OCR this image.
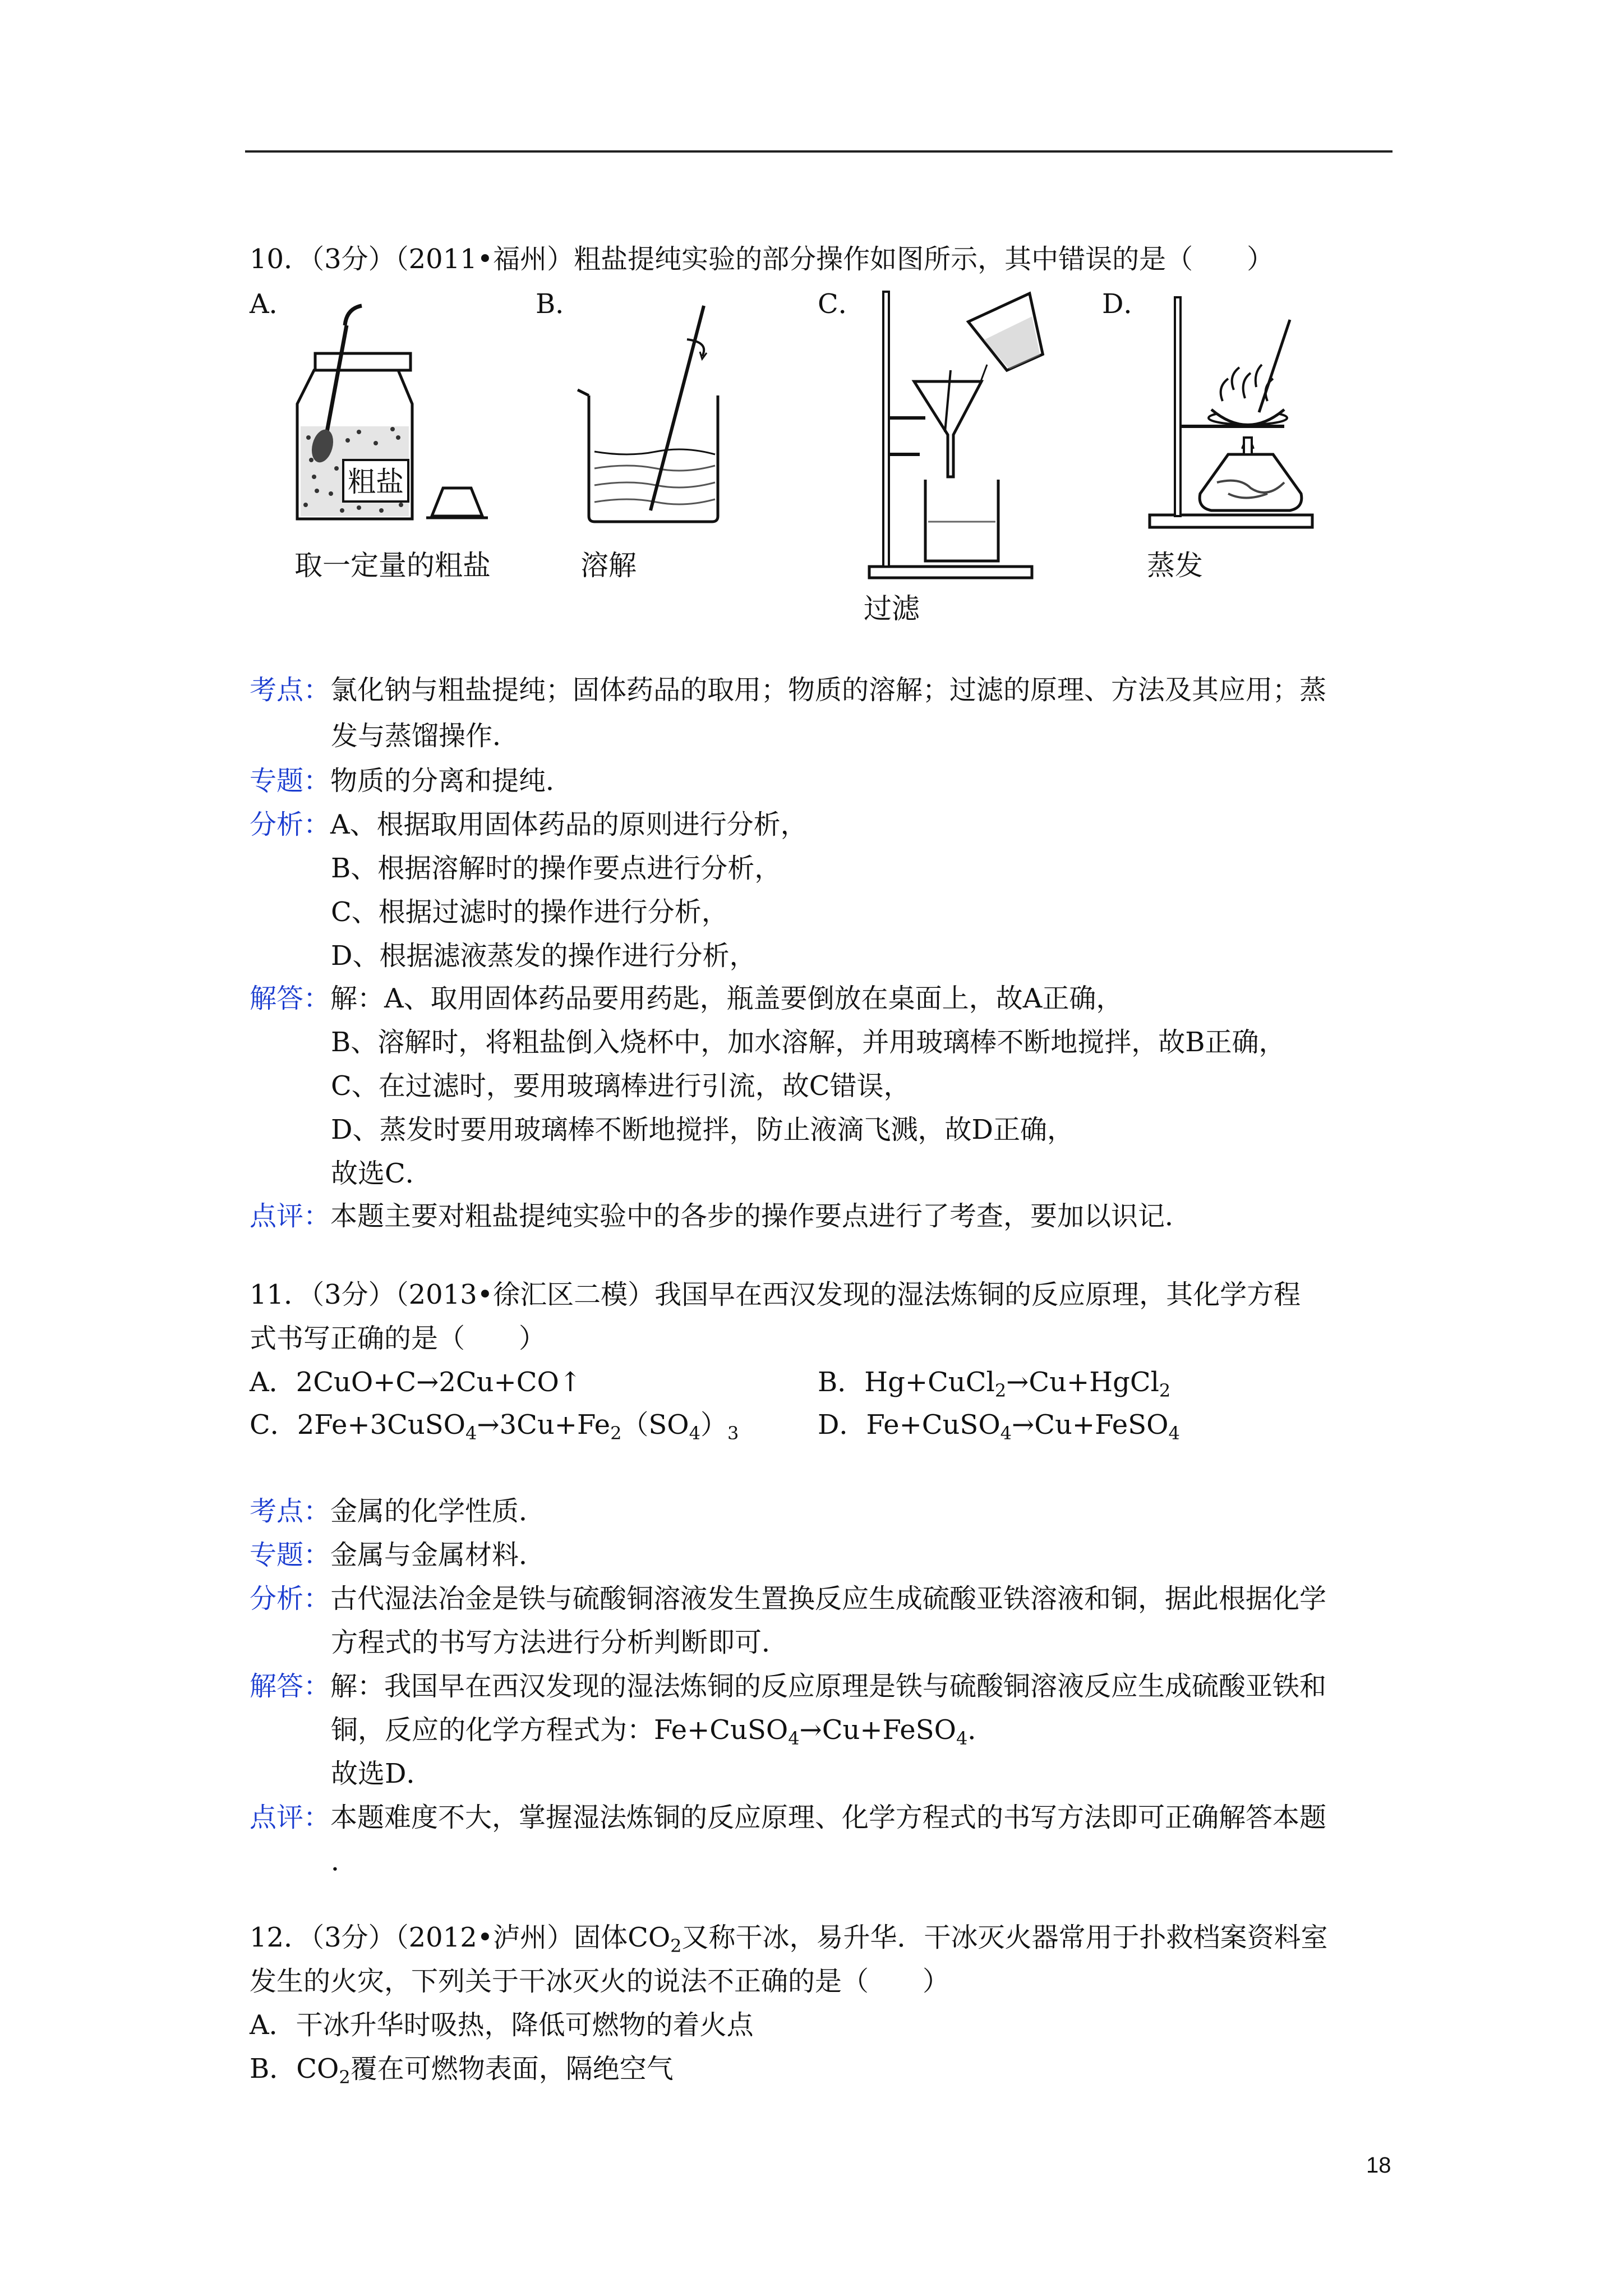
10．（3分）（2011•福州）粗盐提纯实验的部分操作如图所示，其中错误的是（　　）
A．	B．	C．	D．
粗盐
取一定量的粗盐	溶解
过滤
蒸发
考点：氯化钠与粗盐提纯；固体药品的取用；物质的溶解；过滤的原理、方法及其应用；蒸
发与蒸馏操作．
专题：物质的分离和提纯．
分析：A、根据取用固体药品的原则进行分析，
B、根据溶解时的操作要点进行分析，
C、根据过滤时的操作进行分析，
D、根据滤液蒸发的操作进行分析，
解答：解：A、取用固体药品要用药匙，瓶盖要倒放在桌面上，故A正确，
B、溶解时，将粗盐倒入烧杯中，加水溶解，并用玻璃棒不断地搅拌，故B正确，
C、在过滤时，要用玻璃棒进行引流，故C错误，
D、蒸发时要用玻璃棒不断地搅拌，防止液滴飞溅，故D正确，
故选C．
点评：本题主要对粗盐提纯实验中的各步的操作要点进行了考查，要加以识记．
11．（3分）（2013•徐汇区二模）我国早在西汉发现的湿法炼铜的反应原理，其化学方程
式书写正确的是（　　）
A．2CuO+C→2Cu+CO↑	B．Hg+CuCl$_2$→Cu+HgCl$_2$
C．$2Fe+3CuSO_4\to 3Cu+Fe_2(SO_4)_3$	D．Fe+CuSO$_4$→Cu+FeSO$_4$
考点：金属的化学性质．
专题：金属与金属材料．
分析：古代湿法冶金是铁与硫酸铜溶液发生置换反应生成硫酸亚铁溶液和铜，据此根据化学
方程式的书写方法进行分析判断即可．
解答：解：我国早在西汉发现的湿法炼铜的反应原理是铁与硫酸铜溶液反应生成硫酸亚铁和
铜，反应的化学方程式为：Fe+CuSO$_4$→Cu+FeSO$_4$．
故选D．
点评：本题难度不大，掌握湿法炼铜的反应原理、化学方程式的书写方法即可正确解答本题
．
12．（3分）（2012•泸州）固体$CO_2$又称干冰，易升华．干冰灭火器常用于扑救档案资料室
发生的火灾，下列关于干冰灭火的说法不正确的是（　　）
A．干冰升华时吸热，降低可燃物的着火点
B．$CO_2$覆在可燃物表面，隔绝空气
18
